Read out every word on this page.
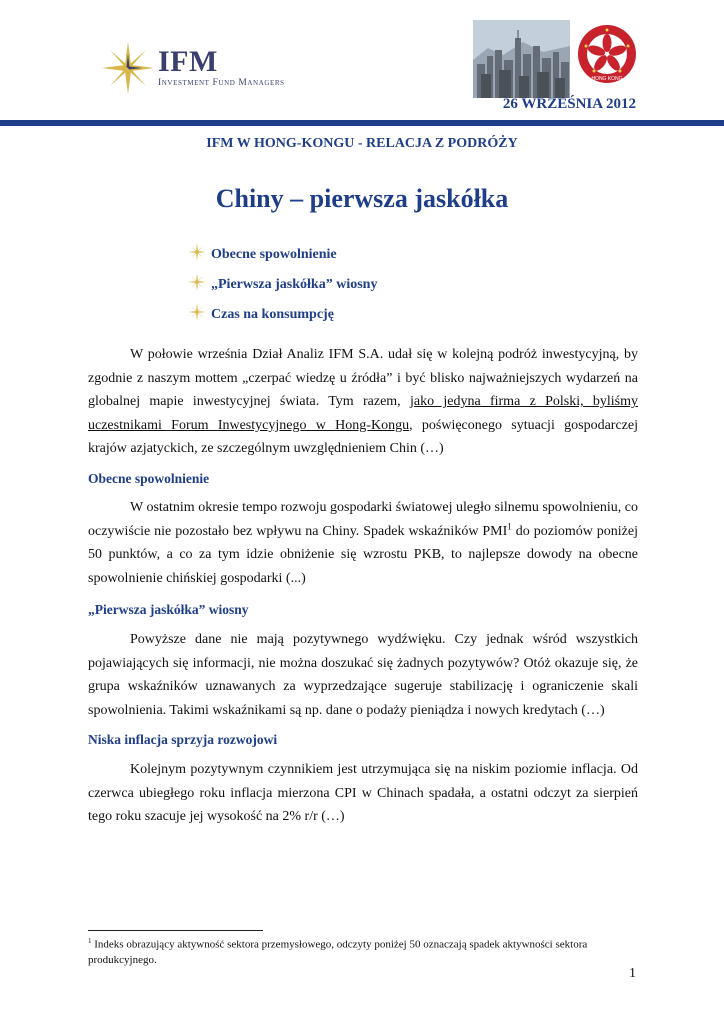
IFM
Investment Fund Managers	HONG KONG
26 WRZEŚNIA 2012
IFM W HONG-KONGU - RELACJA Z PODRÓŻY
Chiny – pierwsza jaskółka
Obecne spowolnienie
„Pierwsza jaskółka” wiosny
Czas na konsumpcję
W połowie września Dział Analiz IFM S.A. udał się w kolejną podróż inwestycyjną, by zgodnie z naszym mottem „czerpać wiedzę u źródła” i być blisko najważniejszych wydarzeń na globalnej mapie inwestycyjnej świata. Tym razem, jako jedyna firma z Polski, byliśmy uczestnikami Forum Inwestycyjnego w Hong-Kongu, poświęconego sytuacji gospodarczej krajów azjatyckich, ze szczególnym uwzględnieniem Chin (…)
Obecne spowolnienie
W ostatnim okresie tempo rozwoju gospodarki światowej uległo silnemu spowolnieniu, co oczywiście nie pozostało bez wpływu na Chiny. Spadek wskaźników PMI$^1$ do poziomów poniżej 50 punktów, a co za tym idzie obniżenie się wzrostu PKB, to najlepsze dowody na obecne spowolnienie chińskiej gospodarki (...)
„Pierwsza jaskółka” wiosny
Powyższe dane nie mają pozytywnego wydźwięku. Czy jednak wśród wszystkich pojawiających się informacji, nie można doszukać się żadnych pozytywów? Otóż okazuje się, że grupa wskaźników uznawanych za wyprzedzające sugeruje stabilizację i ograniczenie skali spowolnienia. Takimi wskaźnikami są np. dane o podaży pieniądza i nowych kredytach (…)
Niska inflacja sprzyja rozwojowi
Kolejnym pozytywnym czynnikiem jest utrzymująca się na niskim poziomie inflacja. Od czerwca ubiegłego roku inflacja mierzona CPI w Chinach spadała, a ostatni odczyt za sierpień tego roku szacuje jej wysokość na 2% r/r (…)
$^1$ Indeks obrazujący aktywność sektora przemysłowego, odczyty poniżej 50 oznaczają spadek aktywności sektora produkcyjnego.
1
